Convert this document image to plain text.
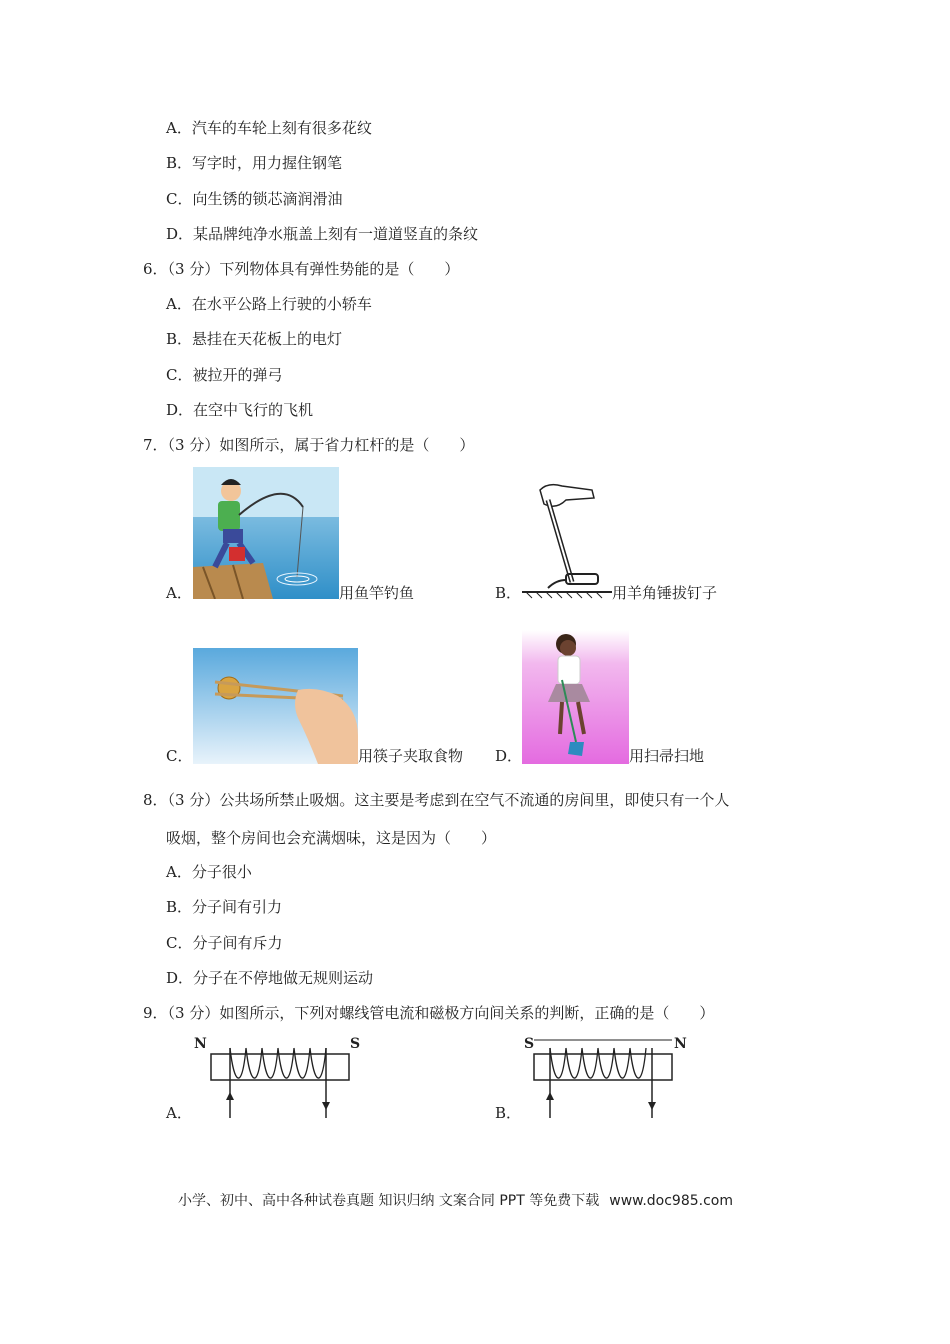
A．汽车的车轮上刻有很多花纹
B．写字时，用力握住钢笔
C．向生锈的锁芯滴润滑油
D．某品牌纯净水瓶盖上刻有一道道竖直的条纹
6．（3 分）下列物体具有弹性势能的是（　　）
A．在水平公路上行驶的小轿车
B．悬挂在天花板上的电灯
C．被拉开的弹弓
D．在空中飞行的飞机
7．（3 分）如图所示，属于省力杠杆的是（　　）
A．	用鱼竿钓鱼	B．	用羊角锤拔钉子
C．	用筷子夹取食物 D．	用扫帚扫地
8．（3 分）公共场所禁止吸烟。这主要是考虑到在空气不流通的房间里，即使只有一个人
吸烟，整个房间也会充满烟味，这是因为（　　）
A．分子很小
B．分子间有引力
C．分子间有斥力
D．分子在不停地做无规则运动
9．（3 分）如图所示，下列对螺线管电流和磁极方向间关系的判断，正确的是（　　）
A．
N	S
B．
S	N
小学、初中、高中各种试卷真题 知识归纳 文案合同 PPT 等免费下载 www.doc985.com
